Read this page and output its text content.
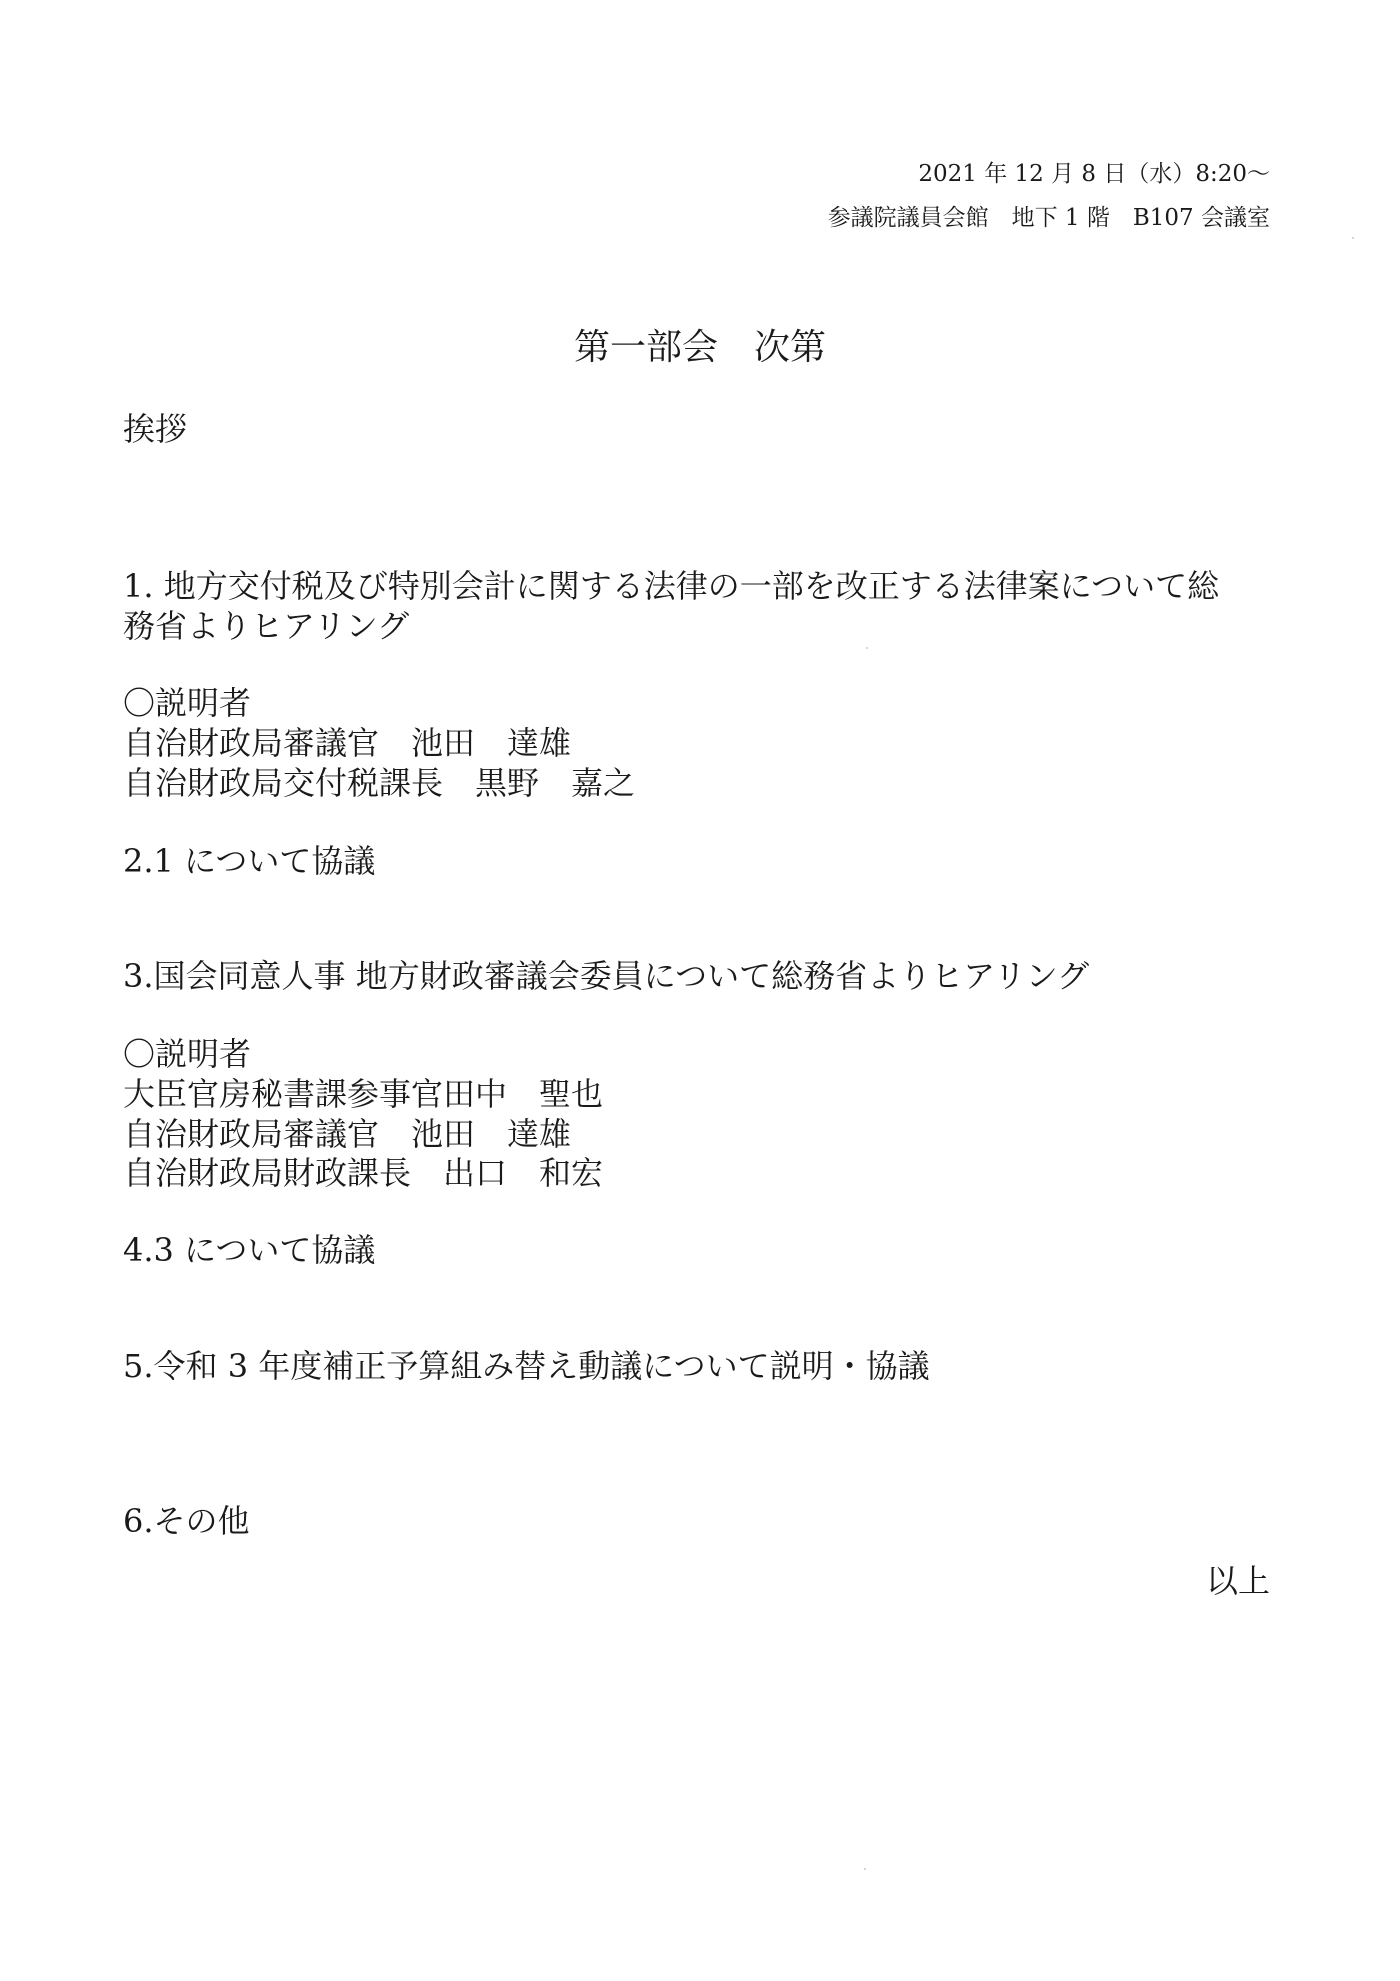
2021 年 12 月 8 日（水）8:20～
参議院議員会館　地下 1 階　B107 会議室
第一部会　次第
挨拶
1. 地方交付税及び特別会計に関する法律の一部を改正する法律案について総
務省よりヒアリング
〇説明者
自治財政局審議官　池田　達雄
自治財政局交付税課長　黒野　嘉之
2.1 について協議
3.国会同意人事 地方財政審議会委員について総務省よりヒアリング
〇説明者
大臣官房秘書課参事官田中　聖也
自治財政局審議官　池田　達雄
自治財政局財政課長　出口　和宏
4.3 について協議
5.令和 3 年度補正予算組み替え動議について説明・協議
6.その他
以上
